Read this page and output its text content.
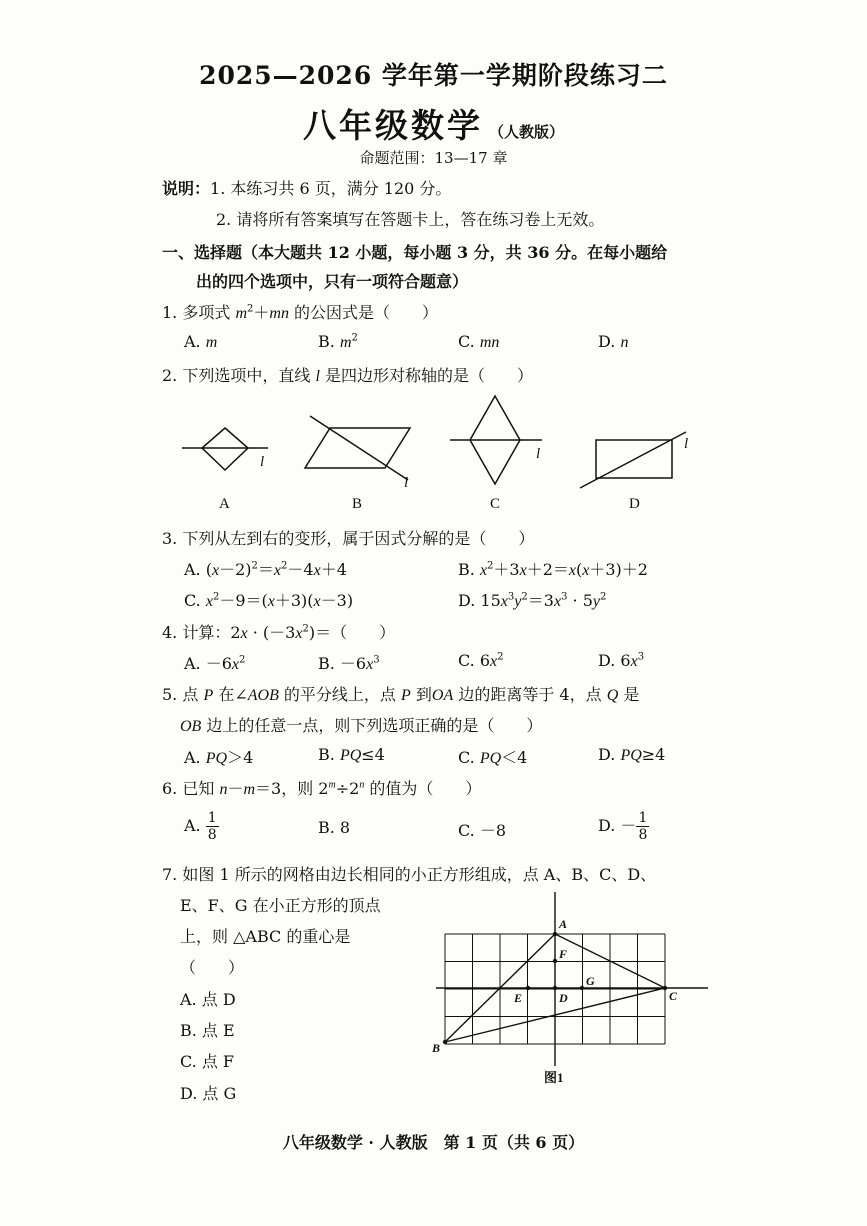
2025—2026 学年第一学期阶段练习二
八年级数学 （人教版）
命题范围：13—17 章
说明：1. 本练习共 6 页，满分 120 分。
2. 请将所有答案填写在答题卡上，答在练习卷上无效。
一、选择题（本大题共 12 小题，每小题 3 分，共 36 分。在每小题给
出的四个选项中，只有一项符合题意）
1. 多项式 $m^2+mn$ 的公因式是（　　）
A. m	B. $m^2$	C. mn	D. n
2. 下列选项中，直线 l 是四边形对称轴的是（　　）
l
l
l
l
A	B	C	D
3. 下列从左到右的变形，属于因式分解的是（　　）
A. $(x-2)^2=x^2-4x+4$	B. $x^2+3x+2=x(x+3)+2$
C. $x^2-9=(x+3)(x-3)$	D. $15x^3y^2=3x^3 \cdot 5y^2$
4. 计算：$2x \cdot (-3x^2)=$（　　）
A. $-6x^2$	B. $-6x^3$	C. $6x^2$	D. $6x^3$
5. 点 P 在∠AOB 的平分线上，点 P 到OA 边的距离等于 4，点 Q 是
OB 边上的任意一点，则下列选项正确的是（　　）
A. PQ＞4	B. PQ≤4	C. PQ＜4	D. PQ≥4
6. 已知 n－m＝3，则 $2^m\div 2^n$ 的值为（　　）
A. $\frac{1}{8}$	B. 8	C. －8	D. － $\frac{1}{8}$
7. 如图 1 所示的网格由边长相同的小正方形组成，点 A、B、C、D、
E、F、G 在小正方形的顶点
上，则 △ABC 的重心是
（　　）
A. 点 D
B. 点 E
C. 点 F
D. 点 G
A
B
C
D
E
F
G
图1
八年级数学 · 人教版　第 1 页（共 6 页）
